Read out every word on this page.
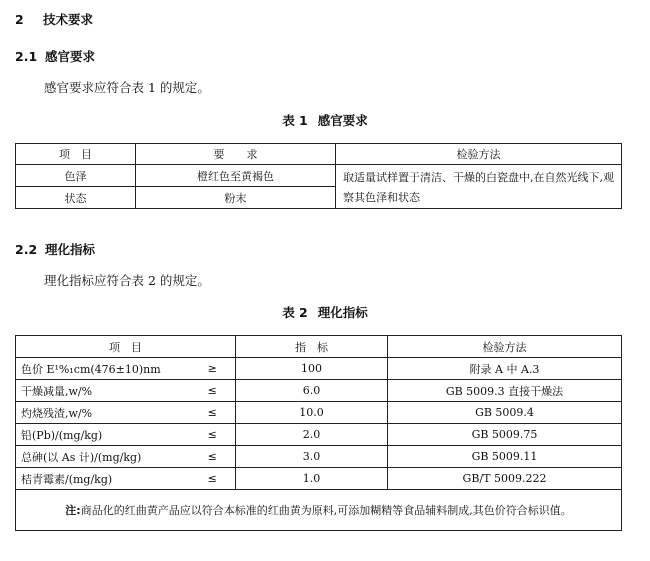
2 技术要求
2.1 感官要求
感官要求应符合表 1 的规定。
表 1 感官要求
项　目	要　　求	检验方法
色泽	橙红色至黄褐色	取适量试样置于清洁、干燥的白瓷盘中,在自然光线下,观察其色泽和状态
状态	粉末	
2.2 理化指标
理化指标应符合表 2 的规定。
表 2 理化指标
项　目		指　标	检验方法
色价 E¹%₁cm(476±10)nm	≥	100	附录 A 中 A.3
干燥减量,w/%	≤	6.0	GB 5009.3 直接干燥法
灼烧残渣,w/%	≤	10.0	GB 5009.4
铅(Pb)/(mg/kg)	≤	2.0	GB 5009.75
总砷(以 As 计)/(mg/kg)	≤	3.0	GB 5009.11
桔青霉素/(mg/kg)	≤	1.0	GB/T 5009.222
注:商品化的红曲黄产品应以符合本标准的红曲黄为原料,可添加糊精等食品辅料制成,其色价符合标识值。			
